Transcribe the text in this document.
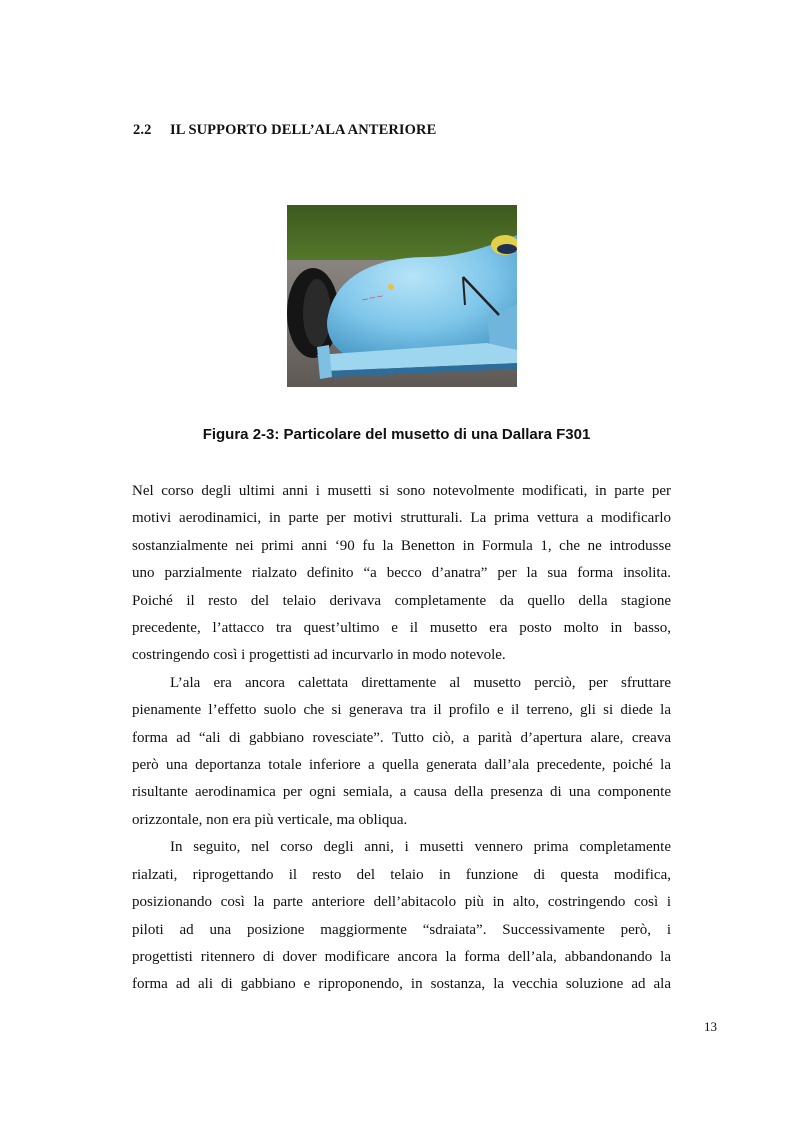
2.2 IL SUPPORTO DELL’ALA ANTERIORE
~~~
Figura 2-3: Particolare del musetto di una Dallara F301
Nel corso degli ultimi anni i musetti si sono notevolmente modificati, in parte per
motivi aerodinamici, in parte per motivi strutturali. La prima vettura a modificarlo
sostanzialmente nei primi anni ‘90 fu la Benetton in Formula 1, che ne introdusse
uno parzialmente rialzato definito “a becco d’anatra” per la sua forma insolita.
Poiché il resto del telaio derivava completamente da quello della stagione
precedente, l’attacco tra quest’ultimo e il musetto era posto molto in basso,
costringendo così i progettisti ad incurvarlo in modo notevole.
L’ala era ancora calettata direttamente al musetto perciò, per sfruttare
pienamente l’effetto suolo che si generava tra il profilo e il terreno, gli si diede la
forma ad “ali di gabbiano rovesciate”. Tutto ciò, a parità d’apertura alare, creava
però una deportanza totale inferiore a quella generata dall’ala precedente, poiché la
risultante aerodinamica per ogni semiala, a causa della presenza di una componente
orizzontale, non era più verticale, ma obliqua.
In seguito, nel corso degli anni, i musetti vennero prima completamente
rialzati, riprogettando il resto del telaio in funzione di questa modifica,
posizionando così la parte anteriore dell’abitacolo più in alto, costringendo così i
piloti ad una posizione maggiormente “sdraiata”. Successivamente però, i
progettisti ritennero di dover modificare ancora la forma dell’ala, abbandonando la
forma ad ali di gabbiano e riproponendo, in sostanza, la vecchia soluzione ad ala
13
